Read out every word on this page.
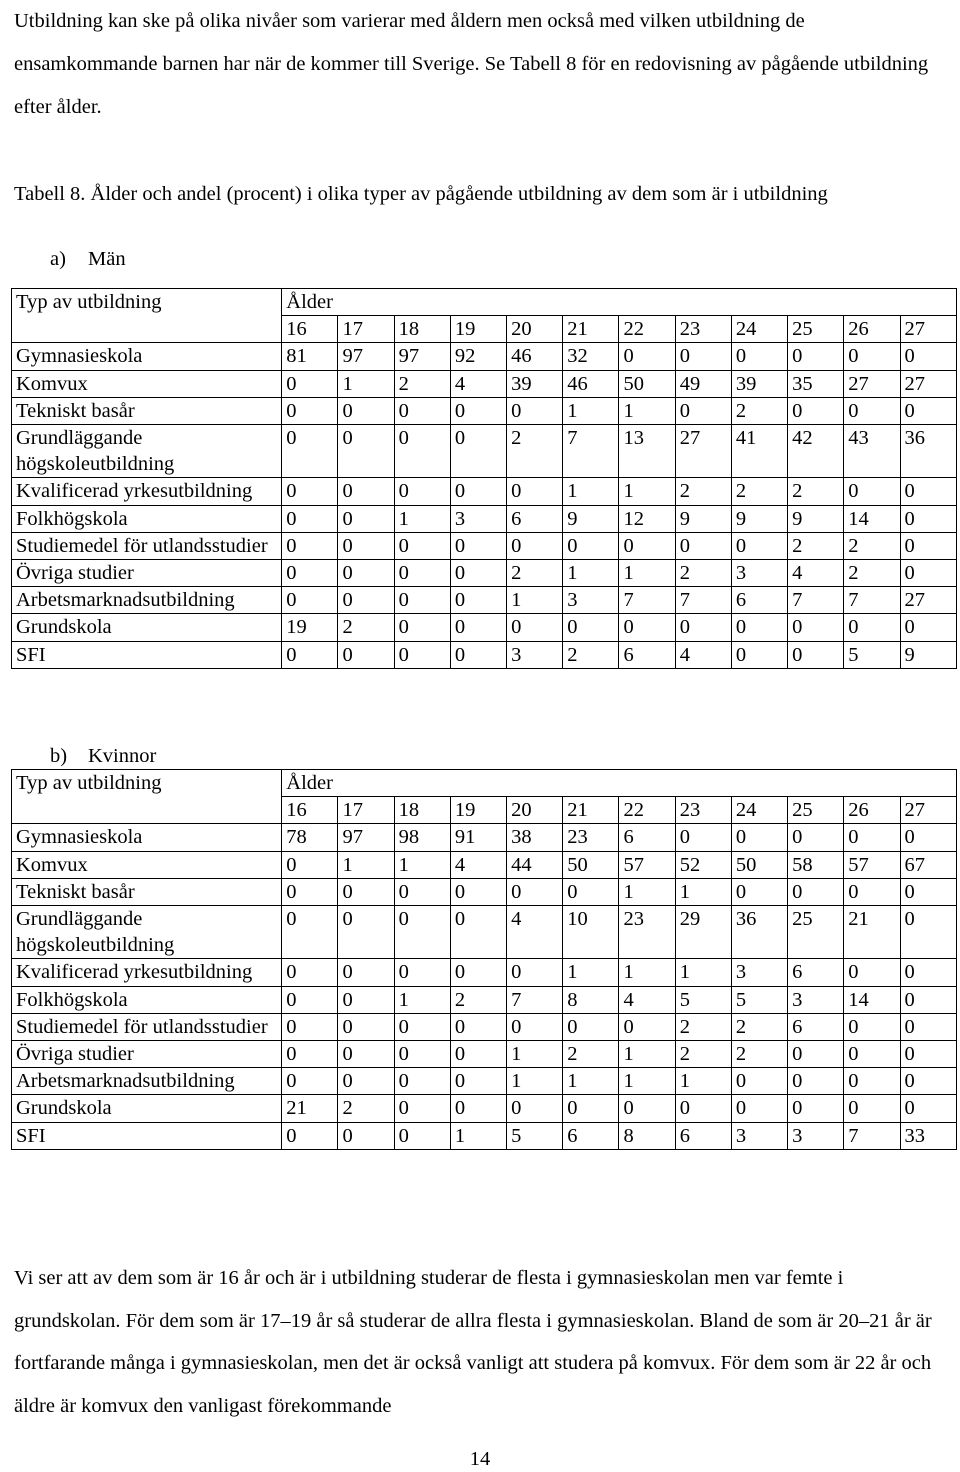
Utbildning kan ske på olika nivåer som varierar med åldern men också med vilken utbildning de ensamkommande barnen har när de kommer till Sverige. Se Tabell 8 för en redovisning av pågående utbildning efter ålder.

Tabell 8. Ålder och andel (procent) i olika typer av pågående utbildning av dem som är i utbildning

a) Män

Typ av utbildning	Ålder											
	16	17	18	19	20	21	22	23	24	25	26	27
Gymnasieskola	81	97	97	92	46	32	0	0	0	0	0	0
Komvux	0	1	2	4	39	46	50	49	39	35	27	27
Tekniskt basår	0	0	0	0	0	1	1	0	2	0	0	0
Grundläggande högskoleutbildning	0	0	0	0	2	7	13	27	41	42	43	36
Kvalificerad yrkesutbildning	0	0	0	0	0	1	1	2	2	2	0	0
Folkhögskola	0	0	1	3	6	9	12	9	9	9	14	0
Studiemedel för utlandsstudier	0	0	0	0	0	0	0	0	0	2	2	0
Övriga studier	0	0	0	0	2	1	1	2	3	4	2	0
Arbetsmarknadsutbildning	0	0	0	0	1	3	7	7	6	7	7	27
Grundskola	19	2	0	0	0	0	0	0	0	0	0	0
SFI	0	0	0	0	3	2	6	4	0	0	5	9

b) Kvinnor

Typ av utbildning	Ålder											
	16	17	18	19	20	21	22	23	24	25	26	27
Gymnasieskola	78	97	98	91	38	23	6	0	0	0	0	0
Komvux	0	1	1	4	44	50	57	52	50	58	57	67
Tekniskt basår	0	0	0	0	0	0	1	1	0	0	0	0
Grundläggande högskoleutbildning	0	0	0	0	4	10	23	29	36	25	21	0
Kvalificerad yrkesutbildning	0	0	0	0	0	1	1	1	3	6	0	0
Folkhögskola	0	0	1	2	7	8	4	5	5	3	14	0
Studiemedel för utlandsstudier	0	0	0	0	0	0	0	2	2	6	0	0
Övriga studier	0	0	0	0	1	2	1	2	2	0	0	0
Arbetsmarknadsutbildning	0	0	0	0	1	1	1	1	0	0	0	0
Grundskola	21	2	0	0	0	0	0	0	0	0	0	0
SFI	0	0	0	1	5	6	8	6	3	3	7	33

Vi ser att av dem som är 16 år och är i utbildning studerar de flesta i gymnasieskolan men var femte i grundskolan. För dem som är 17–19 år så studerar de allra flesta i gymnasieskolan. Bland de som är 20–21 år är fortfarande många i gymnasieskolan, men det är också vanligt att studera på komvux. För dem som är 22 år och äldre är komvux den vanligast förekommande

14
